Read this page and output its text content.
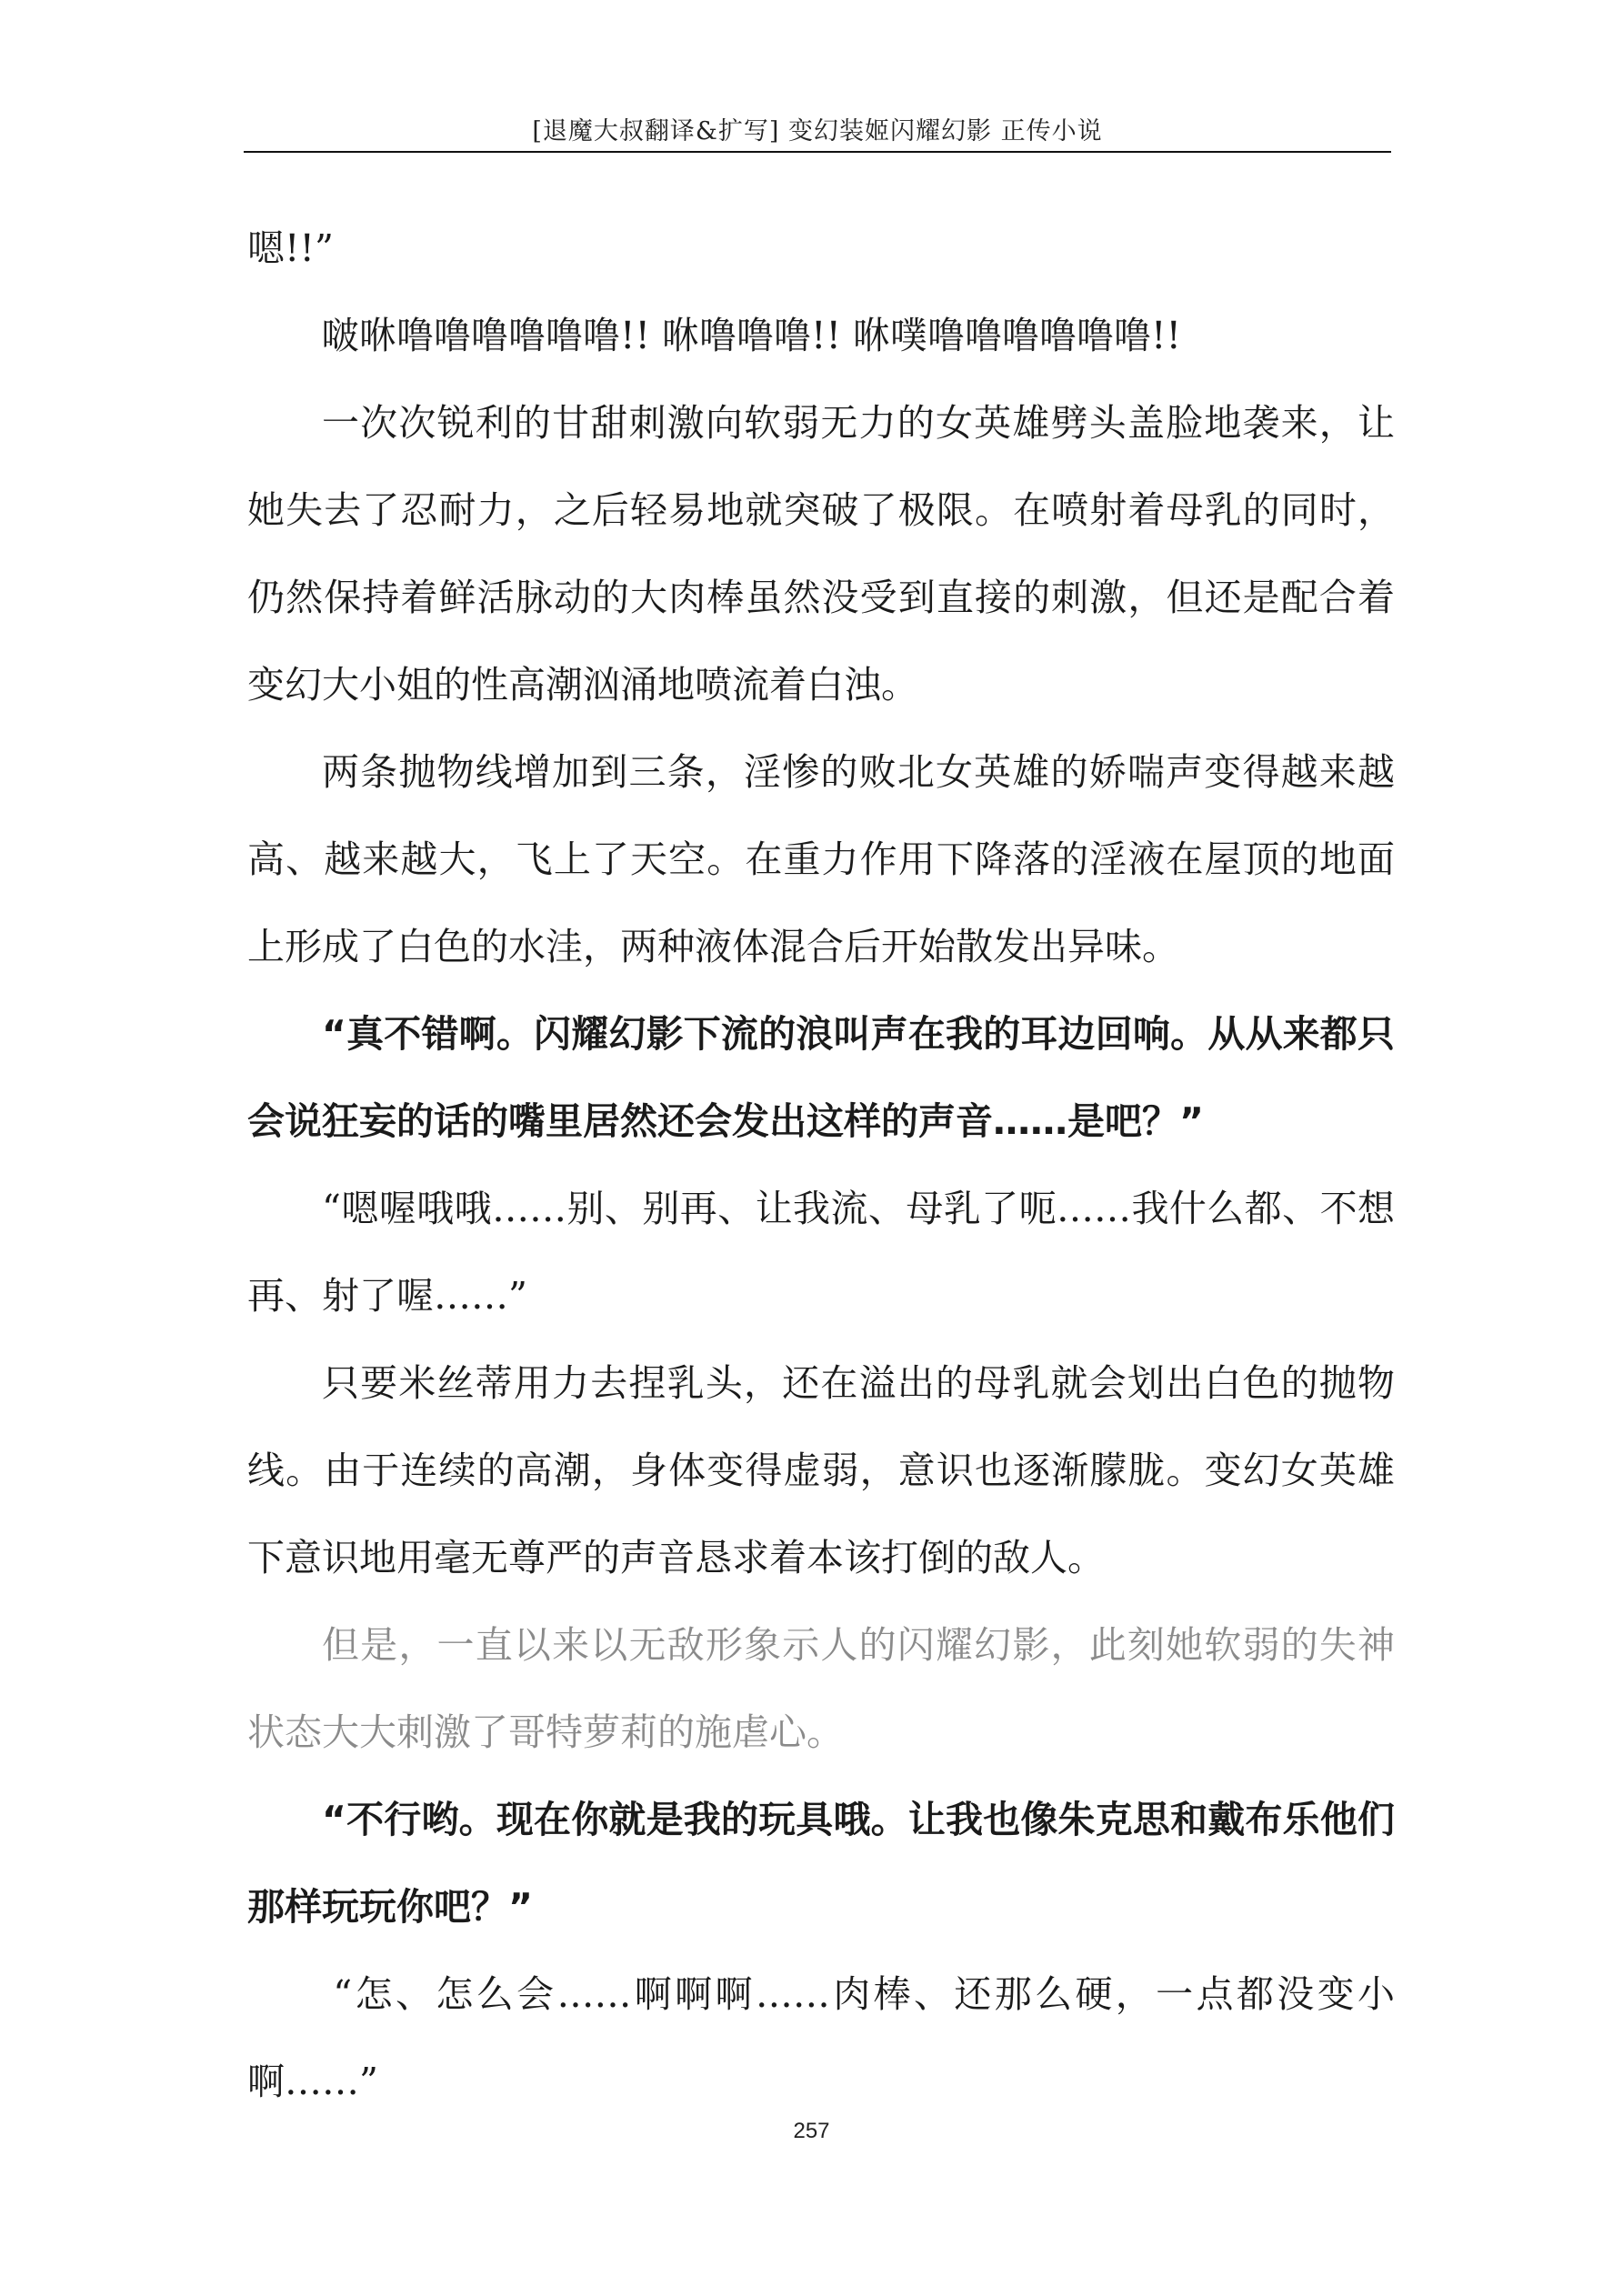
[退魔大叔翻译&扩写] 变幻装姬闪耀幻影 正传小说

嗯!!”

啵咻噜噜噜噜噜噜!! 咻噜噜噜!! 咻噗噜噜噜噜噜噜!!

一次次锐利的甘甜刺激向软弱无力的女英雄劈头盖脸地袭来，让她失去了忍耐力，之后轻易地就突破了极限。在喷射着母乳的同时，仍然保持着鲜活脉动的大肉棒虽然没受到直接的刺激，但还是配合着变幻大小姐的性高潮汹涌地喷流着白浊。

两条抛物线增加到三条，淫惨的败北女英雄的娇喘声变得越来越高、越来越大，飞上了天空。在重力作用下降落的淫液在屋顶的地面上形成了白色的水洼，两种液体混合后开始散发出异味。

“真不错啊。闪耀幻影下流的浪叫声在我的耳边回响。从从来都只会说狂妄的话的嘴里居然还会发出这样的声音……是吧？”

“嗯喔哦哦……别、别再、让我流、母乳了呃……我什么都、不想再、射了喔……”

只要米丝蒂用力去捏乳头，还在溢出的母乳就会划出白色的抛物线。由于连续的高潮，身体变得虚弱，意识也逐渐朦胧。变幻女英雄下意识地用毫无尊严的声音恳求着本该打倒的敌人。

但是，一直以来以无敌形象示人的闪耀幻影，此刻她软弱的失神状态大大刺激了哥特萝莉的施虐心。

“不行哟。现在你就是我的玩具哦。让我也像朱克思和戴布乐他们那样玩玩你吧？”

“怎、怎么会……啊啊啊……肉棒、还那么硬，一点都没变小啊……”

257
